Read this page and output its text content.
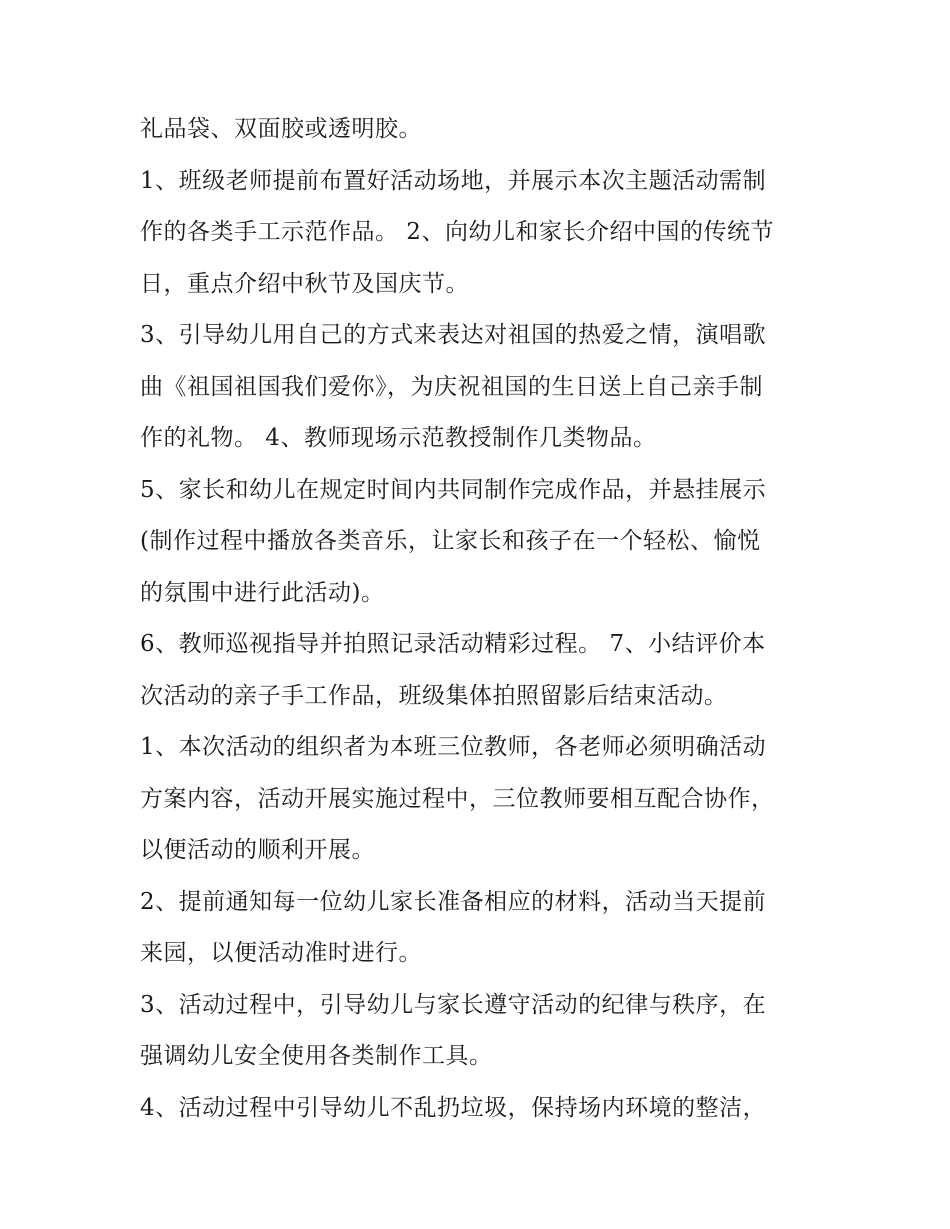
礼品袋、双面胶或透明胶。
1、班级老师提前布置好活动场地，并展示本次主题活动需制
作的各类手工示范作品。 2、向幼儿和家长介绍中国的传统节
日，重点介绍中秋节及国庆节。
3、引导幼儿用自己的方式来表达对祖国的热爱之情，演唱歌
曲《祖国祖国我们爱你》，为庆祝祖国的生日送上自己亲手制
作的礼物。 4、教师现场示范教授制作几类物品。
5、家长和幼儿在规定时间内共同制作完成作品，并悬挂展示
(制作过程中播放各类音乐，让家长和孩子在一个轻松、愉悦
的氛围中进行此活动)。
6、教师巡视指导并拍照记录活动精彩过程。 7、小结评价本
次活动的亲子手工作品，班级集体拍照留影后结束活动。
1、本次活动的组织者为本班三位教师，各老师必须明确活动
方案内容，活动开展实施过程中，三位教师要相互配合协作，
以便活动的顺利开展。
2、提前通知每一位幼儿家长准备相应的材料，活动当天提前
来园，以便活动准时进行。
3、活动过程中，引导幼儿与家长遵守活动的纪律与秩序，在
强调幼儿安全使用各类制作工具。
4、活动过程中引导幼儿不乱扔垃圾，保持场内环境的整洁，
